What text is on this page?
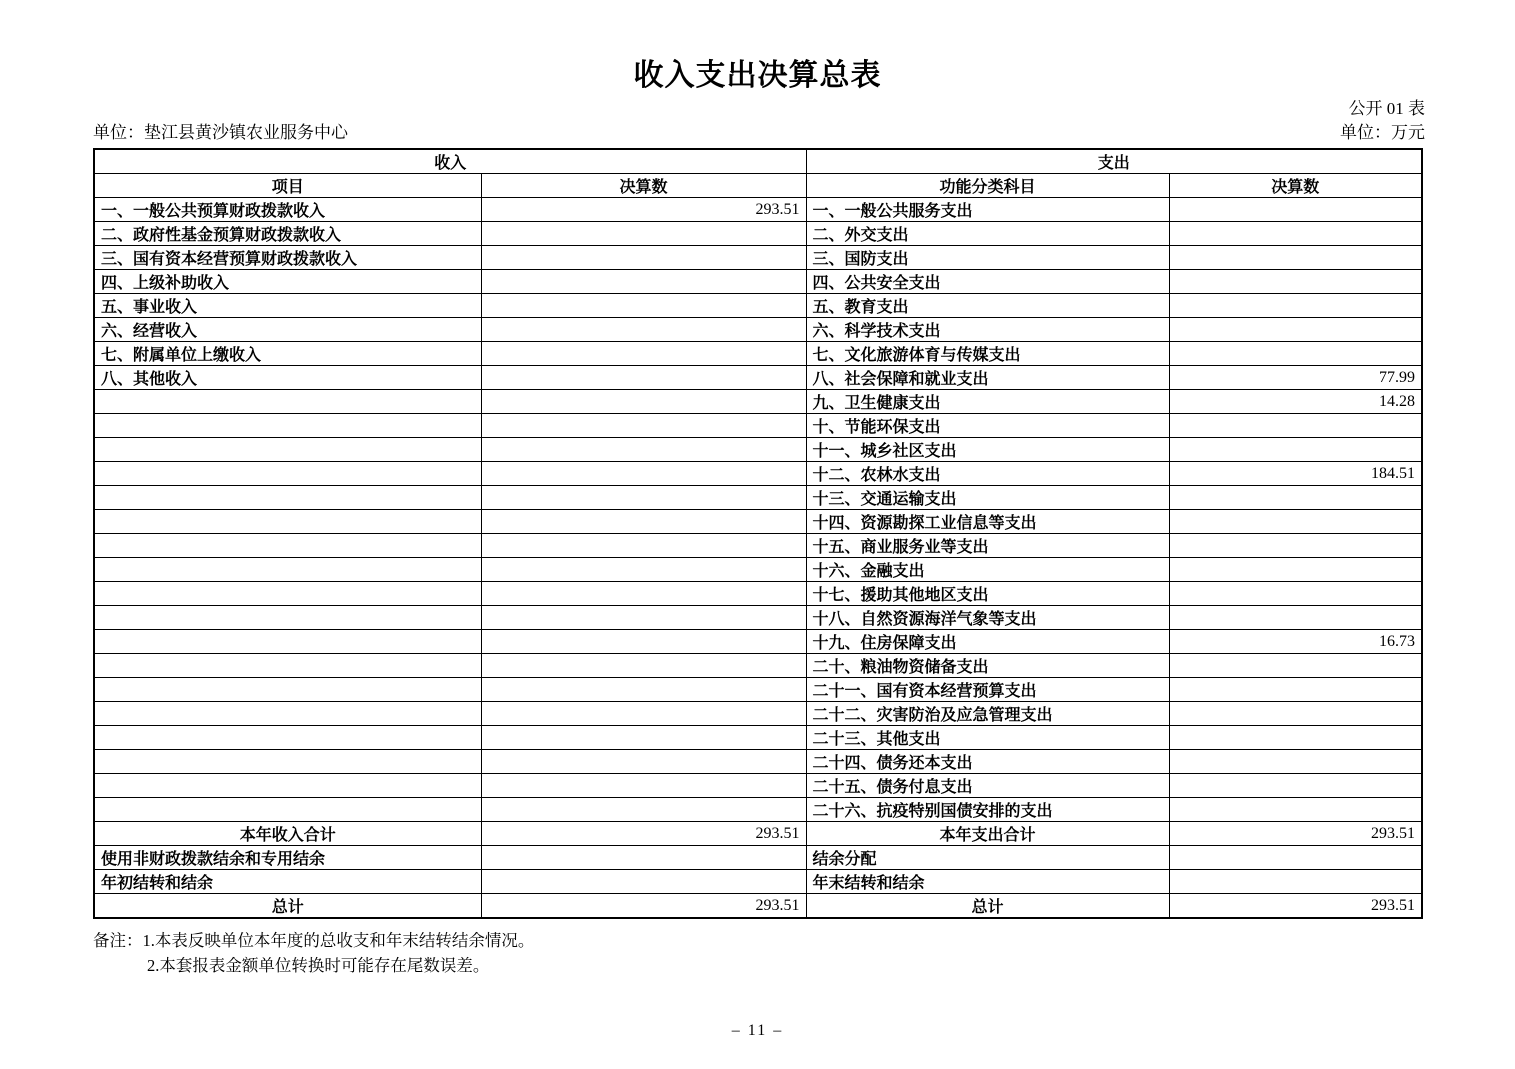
收入支出决算总表
公开 01 表
单位：垫江县黄沙镇农业服务中心	单位：万元
收入		支出	
项目	决算数	功能分类科目	决算数
一、一般公共预算财政拨款收入	293.51	一、一般公共服务支出	
二、政府性基金预算财政拨款收入		二、外交支出	
三、国有资本经营预算财政拨款收入		三、国防支出	
四、上级补助收入		四、公共安全支出	
五、事业收入		五、教育支出	
六、经营收入		六、科学技术支出	
七、附属单位上缴收入		七、文化旅游体育与传媒支出	
八、其他收入		八、社会保障和就业支出	77.99
		九、卫生健康支出	14.28
		十、节能环保支出	
		十一、城乡社区支出	
		十二、农林水支出	184.51
		十三、交通运输支出	
		十四、资源勘探工业信息等支出	
		十五、商业服务业等支出	
		十六、金融支出	
		十七、援助其他地区支出	
		十八、自然资源海洋气象等支出	
		十九、住房保障支出	16.73
		二十、粮油物资储备支出	
		二十一、国有资本经营预算支出	
		二十二、灾害防治及应急管理支出	
		二十三、其他支出	
		二十四、债务还本支出	
		二十五、债务付息支出	
		二十六、抗疫特别国债安排的支出	
本年收入合计	293.51	本年支出合计	293.51
使用非财政拨款结余和专用结余		结余分配	
年初结转和结余		年末结转和结余	
总计	293.51	总计	293.51
备注：1.本表反映单位本年度的总收支和年末结转结余情况。
2.本套报表金额单位转换时可能存在尾数误差。
– 11 –
